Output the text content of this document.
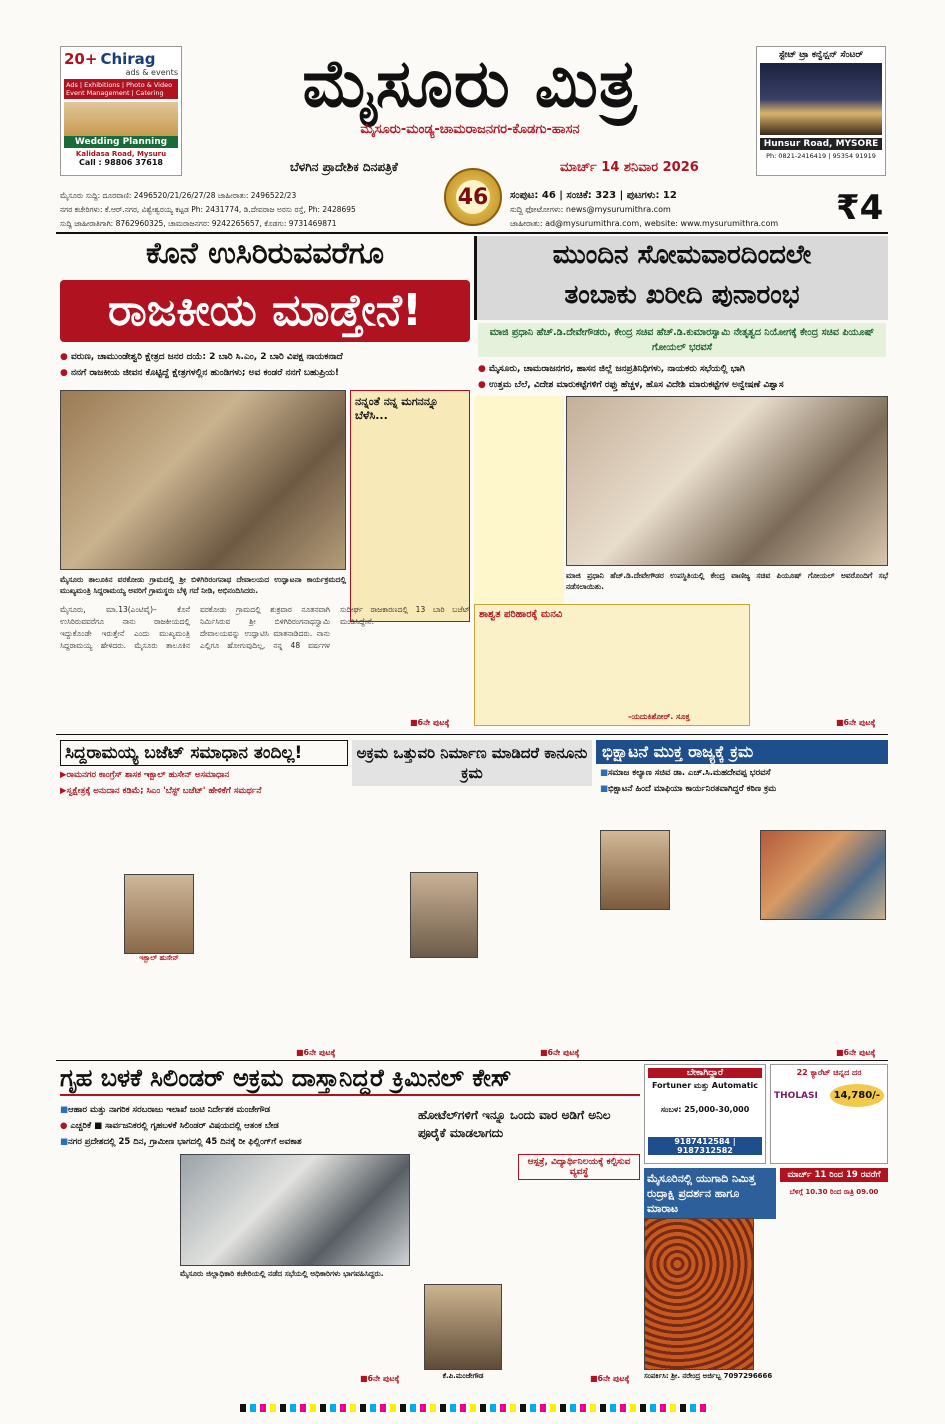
20+ Chirag
ads & events
Ads | Exhibitions | Photo & Video Event Management | Catering
Wedding Planning
Kalidasa Road, Mysuru
Call : 98806 37618
ಮೈಸೂರು ಮಿತ್ರ
ಮೈಸೂರು-ಮಂಡ್ಯ-ಚಾಮರಾಜನಗರ-ಕೊಡಗು-ಹಾಸನ
ಬೆಳಗಿನ ಪ್ರಾದೇಶಿಕ ದಿನಪತ್ರಿಕೆ	ಮಾರ್ಚ್ 14 ಶನಿವಾರ 2026
46
ಸ್ಟೇಟ್ ಟ್ರಾ ಕನ್ವೆನ್ಷನ್ ಸೆಂಟರ್
Hunsur Road, MYSORE
Ph: 0821-2416419 | 95354 91919
ಮೈಸೂರು ಸುದ್ದಿ: ದೂರವಾಣಿ: 2496520/21/26/27/28 ಜಾಹೀರಾತು: 2496522/23
ನಗರ ಕಚೇರಿಗಳು: ಕೆ.ಆರ್.ನಗರ, ವಿಶ್ವೇಶ್ವರಯ್ಯ ಕಟ್ಟಡ Ph: 2431774, ಡಿ.ದೇವರಾಜ ಅರಸು ರಸ್ತೆ, Ph: 2428695
ಸುದ್ದಿ ಜಾಹೀರಾತಿಗಾಗಿ: 8762960325, ಚಾಮರಾಜನಗರ: 9242265657, ಕೊಡಗು: 9731469871
ಸಂಪುಟ: 46 | ಸಂಚಿಕೆ: 323 | ಪುಟಗಳು: 12
ಸುದ್ದಿ ಫೋಟೋಗಳು: news@mysurumithra.com
ಜಾಹೀರಾತು: ad@mysurumithra.com, website: www.mysurumithra.com	₹4
ಕೊನೆ ಉಸಿರಿರುವವರೆಗೂ
ರಾಜಕೀಯ ಮಾಡ್ತೇನೆ!
● ವರುಣ, ಚಾಮುಂಡೇಶ್ವರಿ ಕ್ಷೇತ್ರದ ಜನರ ದಯೆ: 2 ಬಾರಿ ಸಿ.ಎಂ, 2 ಬಾರಿ ವಿಪಕ್ಷ ನಾಯಕನಾದೆ
● ನನಗೆ ರಾಜಕೀಯ ಜೀವನ ಕೊಟ್ಟಿದ್ದೆ ಕ್ಷೇತ್ರಗಳಲ್ಲಿನ ಹುಂಡಿಗಳು; ಅವ ಕಂಡರೆ ನನಗೆ ಬಹುಪ್ರಿಯ!
ನನ್ನಂತೆ ನನ್ನ ಮಗನನ್ನೂ ಬೆಳೆಸಿ...
ಮೈಸೂರು ತಾಲೂಕಿನ ವರಕೋಡು ಗ್ರಾಮದಲ್ಲಿ ಶ್ರೀ ಬಿಳಿಗಿರಿರಂಗನಾಥ ದೇವಾಲಯದ ಉದ್ಘಾಟನಾ ಕಾರ್ಯಕ್ರಮದಲ್ಲಿ ಮುಖ್ಯಮಂತ್ರಿ ಸಿದ್ದರಾಮಯ್ಯ ಅವರಿಗೆ ಗ್ರಾಮಸ್ಥರು ಬೆಳ್ಳಿ ಗದೆ ನೀಡಿ, ಅಭಿನಂದಿಸಿದರು.
ಮೈಸೂರು, ಮಾ.13(ಎಂಟಿವೈ)– ಕೊನೆ ಉಸಿರಿರುವವರೆಗೂ ನಾನು ರಾಜಕೀಯದಲ್ಲಿ ಇದ್ದುಕೊಂಡೇ ಇರುತ್ತೇನೆ ಎಂದು ಮುಖ್ಯಮಂತ್ರಿ ಸಿದ್ದರಾಮಯ್ಯ ಹೇಳಿದರು. ಮೈಸೂರು ತಾಲೂಕಿನ ವರಕೋಡು ಗ್ರಾಮದಲ್ಲಿ ಶುಕ್ರವಾರ ನೂತನವಾಗಿ ನಿರ್ಮಿಸಿರುವ ಶ್ರೀ ಬಿಳಿಗಿರಿರಂಗನಾಥಸ್ವಾಮಿ ದೇವಾಲಯವನ್ನು ಉದ್ಘಾಟಿಸಿ ಮಾತನಾಡಿದರು. ನಾನು ಎಲ್ಲಿಗೂ ಹೋಗುವುದಿಲ್ಲ, ನನ್ನ 48 ವರ್ಷಗಳ ಸುದೀರ್ಘ ರಾಜಕಾರಣದಲ್ಲಿ 13 ಬಾರಿ ಬಜೆಟ್ ಮಂಡಿಸಿದ್ದೇನೆ.
■6ನೇ ಪುಟಕ್ಕೆ
ಮುಂದಿನ ಸೋಮವಾರದಿಂದಲೇ
ತಂಬಾಕು ಖರೀದಿ ಪುನಾರಂಭ
ಮಾಜಿ ಪ್ರಧಾನಿ ಹೆಚ್.ಡಿ.ದೇವೇಗೌಡರು, ಕೇಂದ್ರ ಸಚಿವ ಹೆಚ್.ಡಿ.ಕುಮಾರಸ್ವಾಮಿ ನೇತೃತ್ವದ ನಿಯೋಗಕ್ಕೆ ಕೇಂದ್ರ ಸಚಿವ ಪಿಯೂಷ್ ಗೋಯಲ್ ಭರವಸೆ
● ಮೈಸೂರು, ಚಾಮರಾಜನಗರ, ಹಾಸನ ಜಿಲ್ಲೆ ಜನಪ್ರತಿನಿಧಿಗಳು, ನಾಯಕರು ಸಭೆಯಲ್ಲಿ ಭಾಗಿ
● ಉತ್ತಮ ಬೆಲೆ, ವಿದೇಶ ಮಾರುಕಟ್ಟೆಗಳಿಗೆ ರಫ್ತು ಹೆಚ್ಚಳ, ಹೊಸ ವಿದೇಶಿ ಮಾರುಕಟ್ಟೆಗಳ ಅನ್ವೇಷಣೆ ವಿಶ್ವಾಸ
ಮಾಜಿ ಪ್ರಧಾನಿ ಹೆಚ್.ಡಿ.ದೇವೇಗೌಡರ ಉಪಸ್ಥಿತಿಯಲ್ಲಿ ಕೇಂದ್ರ ವಾಣಿಜ್ಯ ಸಚಿವ ಪಿಯೂಷ್ ಗೋಯಲ್ ಅವರೊಂದಿಗೆ ಸಭೆ ನಡೆಸಲಾಯಿತು.
ಶಾಶ್ವತ ಪರಿಹಾರಕ್ಕೆ ಮನವಿ
-ಯದುಕಿಶೋರ್. ಸೂಕ್ತ
■6ನೇ ಪುಟಕ್ಕೆ
ಸಿದ್ದರಾಮಯ್ಯ ಬಜೆಟ್ ಸಮಾಧಾನ ತಂದಿಲ್ಲ!
▶ ರಾಮನಗರ ಕಾಂಗ್ರೆಸ್ ಶಾಸಕ ಇಕ್ಬಾಲ್ ಹುಸೇನ್ ಅಸಮಾಧಾನ
▶ ಸ್ವಕ್ಷೇತ್ರಕ್ಕೆ ಅನುದಾನ ಕಡಿಮೆ; ಸಿಎಂ 'ಬೆಸ್ಟ್ ಬಜೆಟ್' ಹೇಳಿಕೆಗೆ ಸಮರ್ಥನೆ
ಇಕ್ಬಾಲ್ ಹುಸೇನ್
■6ನೇ ಪುಟಕ್ಕೆ
ಅಕ್ರಮ ಒತ್ತುವರಿ ನಿರ್ಮಾಣ ಮಾಡಿದರೆ ಕಾನೂನು ಕ್ರಮ
■6ನೇ ಪುಟಕ್ಕೆ
ಭಿಕ್ಷಾಟನೆ ಮುಕ್ತ ರಾಜ್ಯಕ್ಕೆ ಕ್ರಮ
■ ಸಮಾಜ ಕಲ್ಯಾಣ ಸಚಿವ ಡಾ. ಎಚ್.ಸಿ.ಮಹದೇವಪ್ಪ ಭರವಸೆ
■ ಭಿಕ್ಷಾಟನೆ ಹಿಂದೆ ಮಾಫಿಯಾ ಕಾರ್ಯನಿರತವಾಗಿದ್ದರೆ ಕಠಿಣ ಕ್ರಮ
■6ನೇ ಪುಟಕ್ಕೆ
ಗೃಹ ಬಳಕೆ ಸಿಲಿಂಡರ್ ಅಕ್ರಮ ದಾಸ್ತಾನಿದ್ದರೆ ಕ್ರಿಮಿನಲ್ ಕೇಸ್
■ ಆಹಾರ ಮತ್ತು ನಾಗರಿಕ ಸರಬರಾಜು ಇಲಾಖೆ ಜಂಟಿ ನಿರ್ದೇಶಕ ಮಂಜೇಗೌಡ
● ಎಚ್ಚರಿಕೆ ■ ಸಾರ್ವಜನಿಕರಲ್ಲಿ ಗೃಹಬಳಕೆ ಸಿಲಿಂಡರ್ ವಿಷಯದಲ್ಲಿ ಆತಂಕ ಬೇಡ
■ ನಗರ ಪ್ರದೇಶದಲ್ಲಿ 25 ದಿನ, ಗ್ರಾಮೀಣ ಭಾಗದಲ್ಲಿ 45 ದಿನಕ್ಕೆ ರೀ ಫಿಲ್ಲಿಂಗ್‌ಗೆ ಅವಕಾಶ
ಮೈಸೂರು ಜಿಲ್ಲಾಧಿಕಾರಿ ಕಚೇರಿಯಲ್ಲಿ ನಡೆದ ಸಭೆಯಲ್ಲಿ ಅಧಿಕಾರಿಗಳು ಭಾಗವಹಿಸಿದ್ದರು.
■6ನೇ ಪುಟಕ್ಕೆ
ಹೋಟೆಲ್‌ಗಳಿಗೆ ಇನ್ನೂ ಒಂದು ವಾರ ಅಡಿಗೆ ಅನಿಲ ಪೂರೈಕೆ ಮಾಡಲಾಗದು
ಆಸ್ಪತ್ರೆ, ವಿದ್ಯಾರ್ಥಿನಿಲಯಕ್ಕೆ ಕಲ್ಪಿಸುವ ವ್ಯವಸ್ಥೆ
ಕೆ.ಪಿ.ಮಂಜೇಗೌಡ	■6ನೇ ಪುಟಕ್ಕೆ
ಬೇಕಾಗಿದ್ದಾರೆ
Fortuner ಮತ್ತು Automatic
ಸಂಬಳ: 25,000-30,000
9187412584 | 9187312582
22 ಕ್ಯಾರೆಟ್ ಚಿನ್ನದ ದರ
THOLASI	14,780/-
ಮೈಸೂರಿನಲ್ಲಿ ಯುಗಾದಿ ನಿಮಿತ್ತ ರುದ್ರಾಕ್ಷಿ ಪ್ರದರ್ಶನ ಹಾಗೂ ಮಾರಾಟ
ಮಾರ್ಚ್ 11 ರಿಂದ 19 ರವರೆಗೆ
ಬೆಳಿಗ್ಗೆ 10.30 ರಿಂದ ರಾತ್ರಿ 09.00
ಸಂಪರ್ಕಿಸಿ: ಶ್ರೀ. ನರೇಂದ್ರ ಅರ್ಜಿಬ್ಬ 7097296666
